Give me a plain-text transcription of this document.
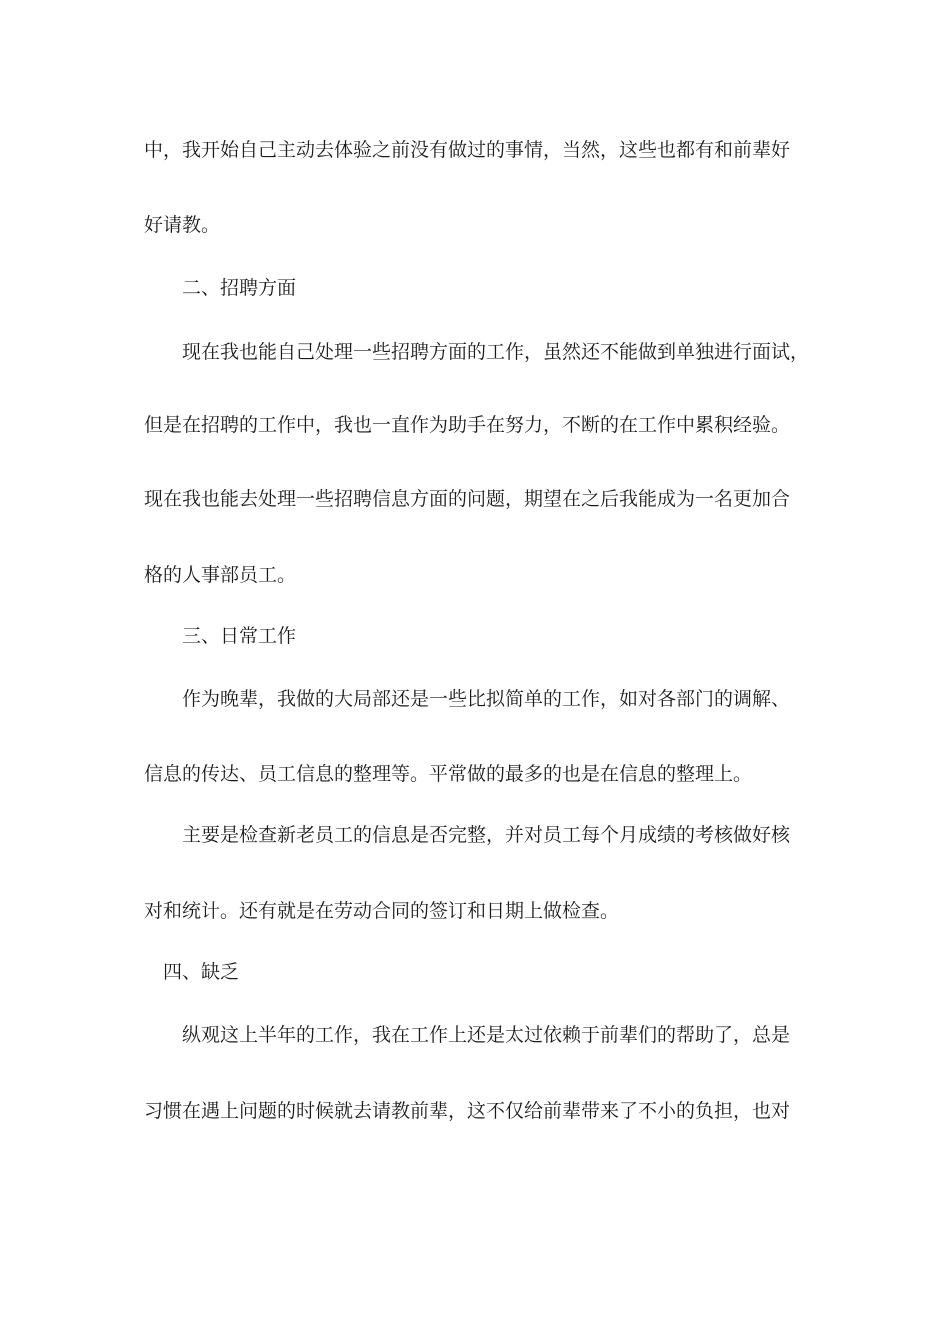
中，我开始自己主动去体验之前没有做过的事情，当然，这些也都有和前辈好
好请教。
二、招聘方面
现在我也能自己处理一些招聘方面的工作，虽然还不能做到单独进行面试，
但是在招聘的工作中，我也一直作为助手在努力，不断的在工作中累积经验。
现在我也能去处理一些招聘信息方面的问题，期望在之后我能成为一名更加合
格的人事部员工。
三、日常工作
作为晚辈，我做的大局部还是一些比拟简单的工作，如对各部门的调解、
信息的传达、员工信息的整理等。平常做的最多的也是在信息的整理上。
主要是检查新老员工的信息是否完整，并对员工每个月成绩的考核做好核
对和统计。还有就是在劳动合同的签订和日期上做检查。
四、缺乏
纵观这上半年的工作，我在工作上还是太过依赖于前辈们的帮助了，总是
习惯在遇上问题的时候就去请教前辈，这不仅给前辈带来了不小的负担，也对
